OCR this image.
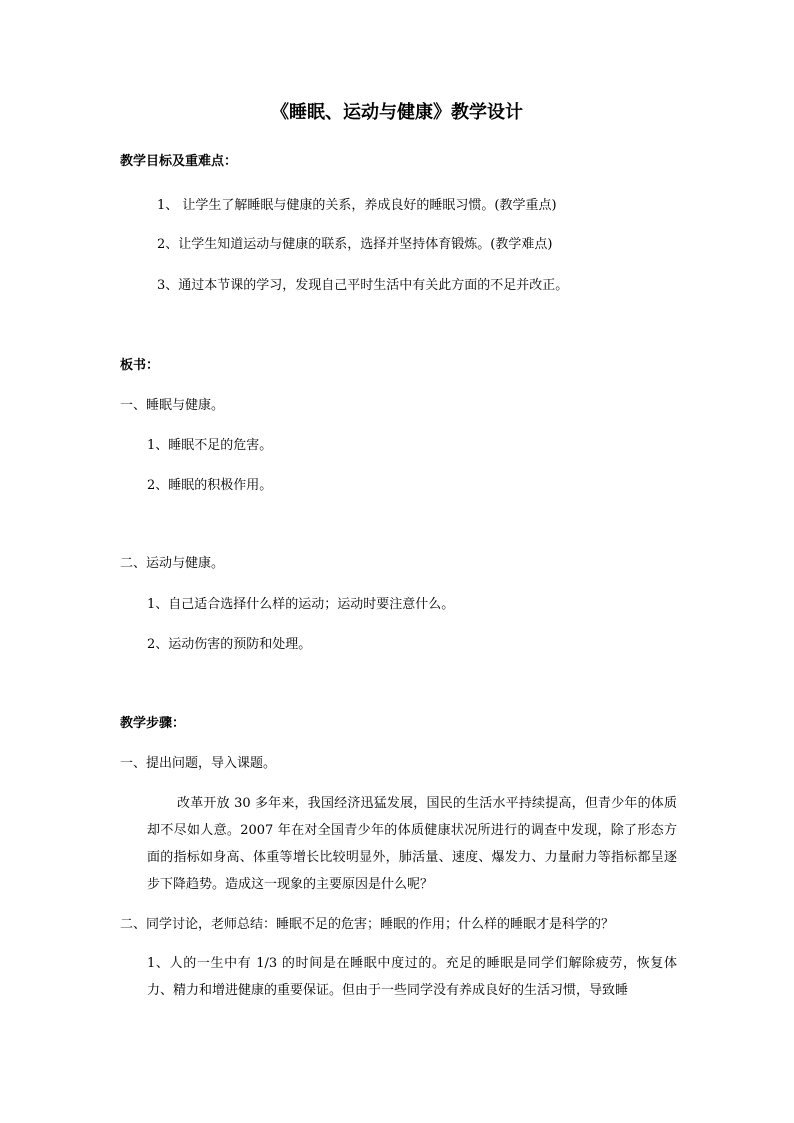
《睡眠、运动与健康》教学设计
教学目标及重难点：
1、 让学生了解睡眠与健康的关系，养成良好的睡眠习惯。(教学重点)
2、让学生知道运动与健康的联系，选择并坚持体育锻炼。(教学难点)
3、通过本节课的学习，发现自己平时生活中有关此方面的不足并改正。
板书：
一、睡眠与健康。
1、睡眠不足的危害。
2、睡眠的积极作用。
二、运动与健康。
1、自己适合选择什么样的运动；运动时要注意什么。
2、运动伤害的预防和处理。
教学步骤：
一、提出问题，导入课题。
改革开放 30 多年来，我国经济迅猛发展，国民的生活水平持续提高，但青少年的体质却不尽如人意。2007 年在对全国青少年的体质健康状况所进行的调查中发现，除了形态方面的指标如身高、体重等增长比较明显外，肺活量、速度、爆发力、力量耐力等指标都呈逐步下降趋势。造成这一现象的主要原因是什么呢？
二、同学讨论，老师总结：睡眠不足的危害；睡眠的作用；什么样的睡眠才是科学的？
1、人的一生中有 1/3 的时间是在睡眠中度过的。充足的睡眠是同学们解除疲劳，恢复体力、精力和增进健康的重要保证。但由于一些同学没有养成良好的生活习惯，导致睡
